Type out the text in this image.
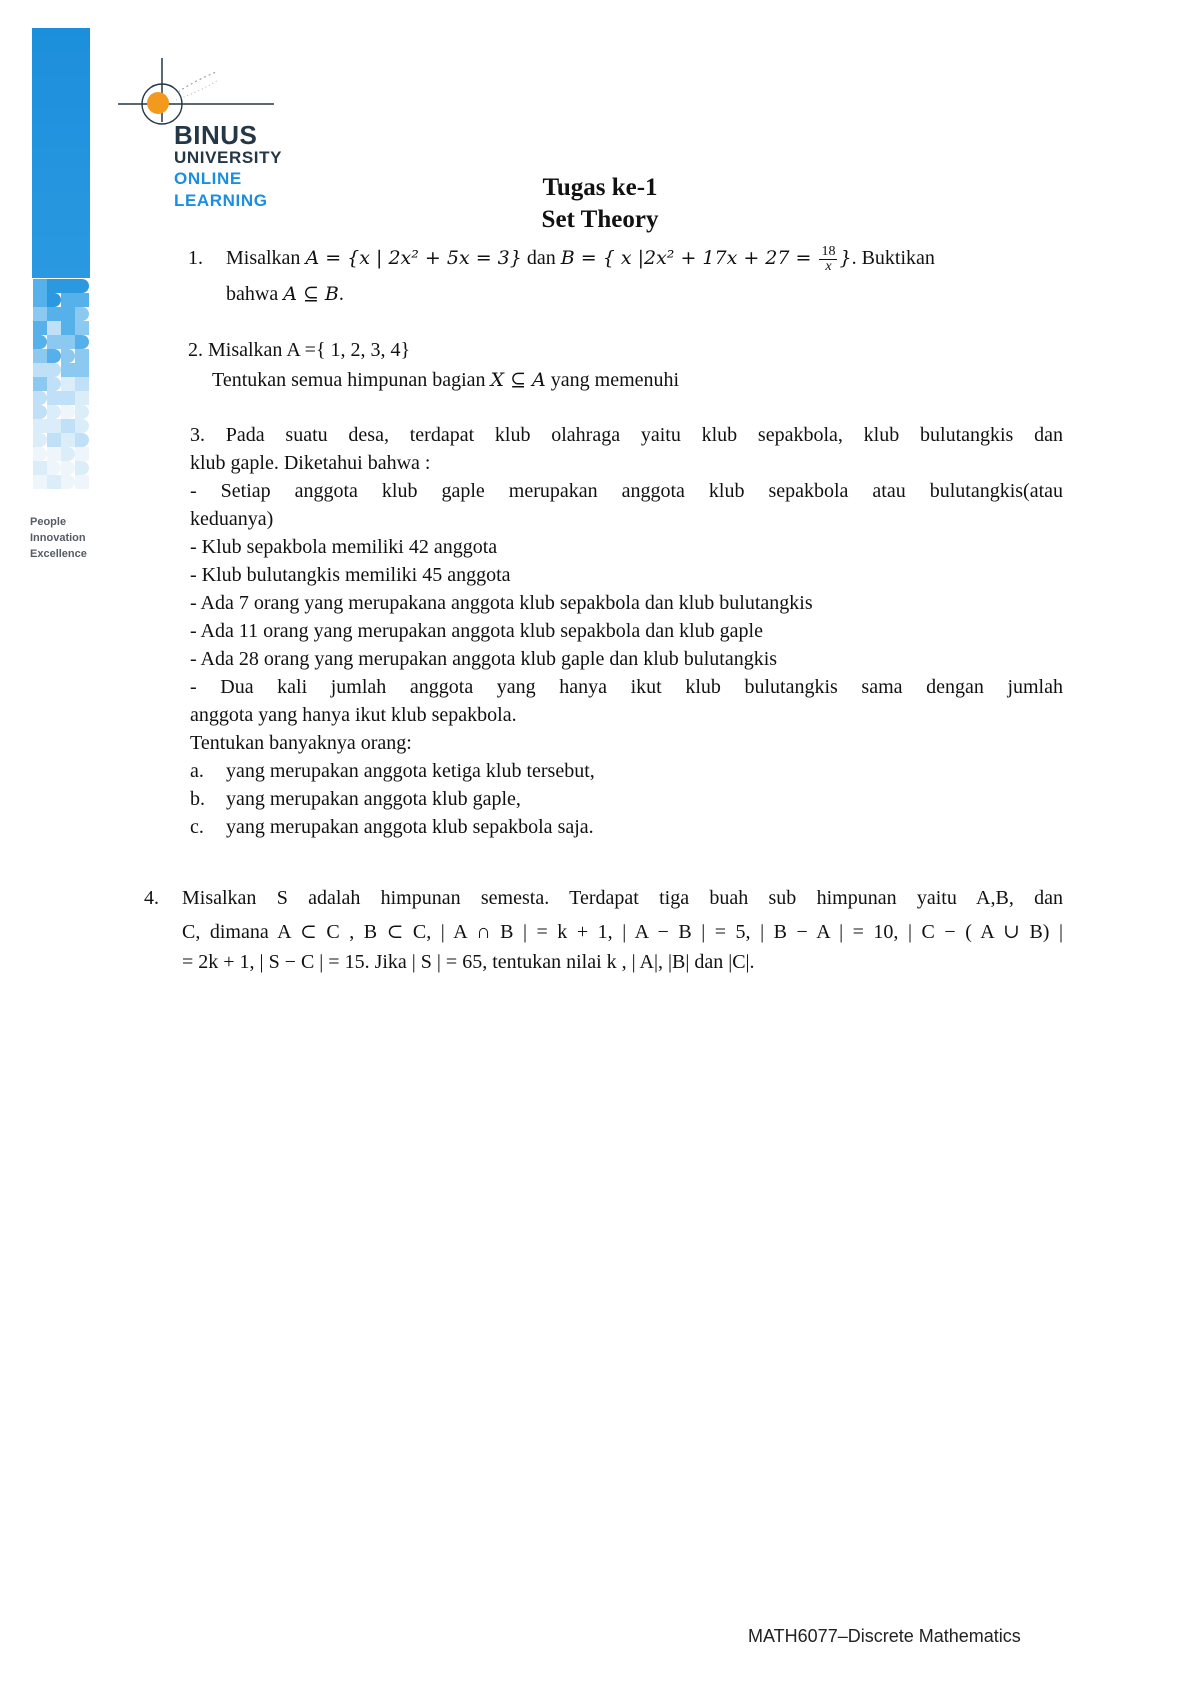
People
Innovation
Excellence
BINUS
UNIVERSITY
ONLINE
LEARNING	Tugas ke-1
Set Theory
1. Misalkan A = {x | 2x² + 5x = 3} dan B = { x $|2x^2 + 17x + 27 = \frac{18}{x}$ }. Buktikan
bahwa A ⊆ B.
2. Misalkan A ={ 1, 2, 3, 4}
Tentukan semua himpunan bagian X ⊆ A yang memenuhi
3. Pada suatu desa, terdapat klub olahraga yaitu klub sepakbola, klub bulutangkis dan
klub gaple. Diketahui bahwa :
- Setiap anggota klub gaple merupakan anggota klub sepakbola atau bulutangkis(atau
keduanya)
- Klub sepakbola memiliki 42 anggota
- Klub bulutangkis memiliki 45 anggota
- Ada 7 orang yang merupakana anggota klub sepakbola dan klub bulutangkis
- Ada 11 orang yang merupakan anggota klub sepakbola dan klub gaple
- Ada 28 orang yang merupakan anggota klub gaple dan klub bulutangkis
- Dua kali jumlah anggota yang hanya ikut klub bulutangkis sama dengan jumlah
anggota yang hanya ikut klub sepakbola.
Tentukan banyaknya orang:
a. yang merupakan anggota ketiga klub tersebut,
b. yang merupakan anggota klub gaple,
c. yang merupakan anggota klub sepakbola saja.
4. Misalkan S adalah himpunan semesta. Terdapat tiga buah sub himpunan yaitu A,B, dan
C, dimana A ⊂ C , B ⊂ C, | A ∩ B | = k + 1, | A − B | = 5, | B − A | = 10, | C − ( A ∪ B) |
= 2k + 1, | S − C | = 15. Jika | S | = 65, tentukan nilai k , | A|, |B| dan |C|.
MATH6077–Discrete Mathematics
